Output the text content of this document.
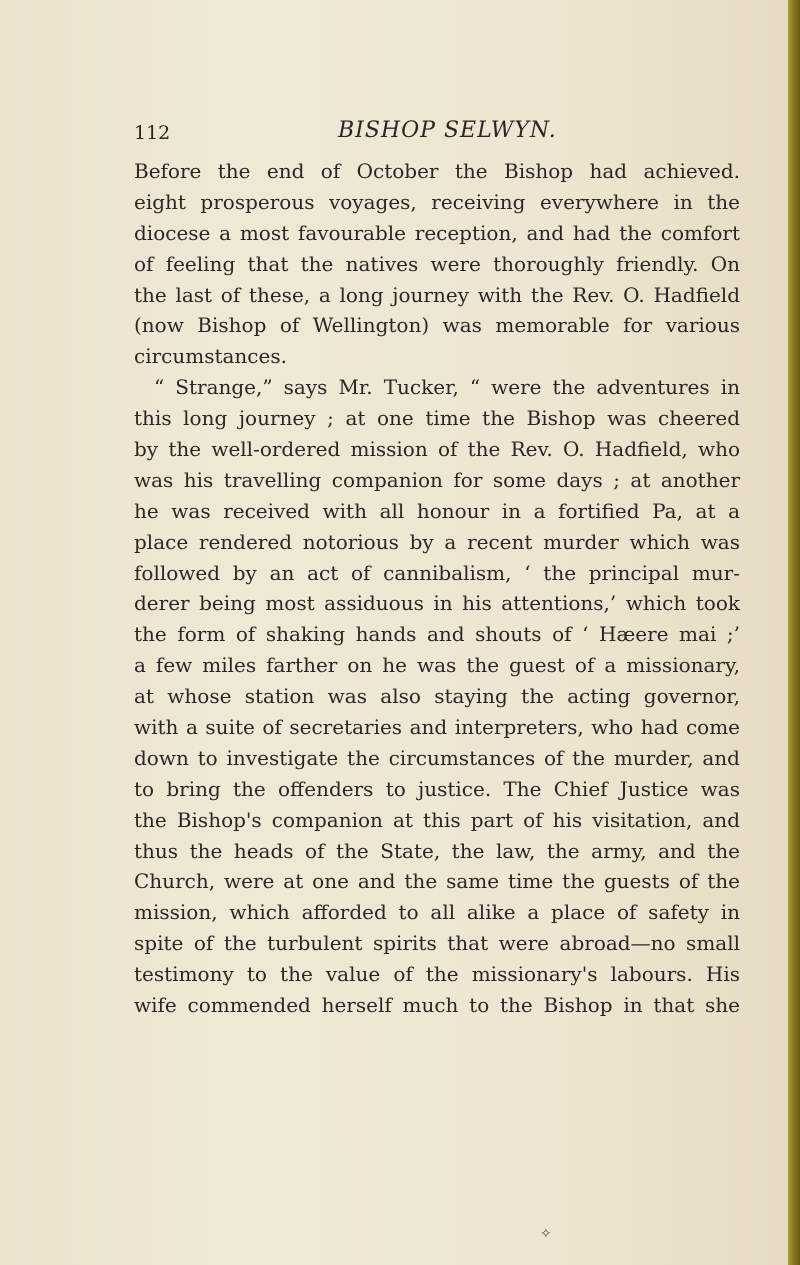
112	BISHOP SELWYN.
Before the end of October the Bishop had achieved.
eight prosperous voyages, receiving everywhere in the
diocese a most favourable reception, and had the comfort
of feeling that the natives were thoroughly friendly. On
the last of these, a long journey with the Rev. O. Hadfield
(now Bishop of Wellington) was memorable for various
circumstances.
“ Strange,” says Mr. Tucker, “ were the adventures in
this long journey ; at one time the Bishop was cheered
by the well-ordered mission of the Rev. O. Hadfield, who
was his travelling companion for some days ; at another
he was received with all honour in a fortified Pa, at a
place rendered notorious by a recent murder which was
followed by an act of cannibalism, ‘ the principal mur-
derer being most assiduous in his attentions,’ which took
the form of shaking hands and shouts of ‘ Hæere mai ;’
a few miles farther on he was the guest of a missionary,
at whose station was also staying the acting governor,
with a suite of secretaries and interpreters, who had come
down to investigate the circumstances of the murder, and
to bring the offenders to justice. The Chief Justice was
the Bishop's companion at this part of his visitation, and
thus the heads of the State, the law, the army, and the
Church, were at one and the same time the guests of the
mission, which afforded to all alike a place of safety in
spite of the turbulent spirits that were abroad—no small
testimony to the value of the missionary's labours. His
wife commended herself much to the Bishop in that she
✧
